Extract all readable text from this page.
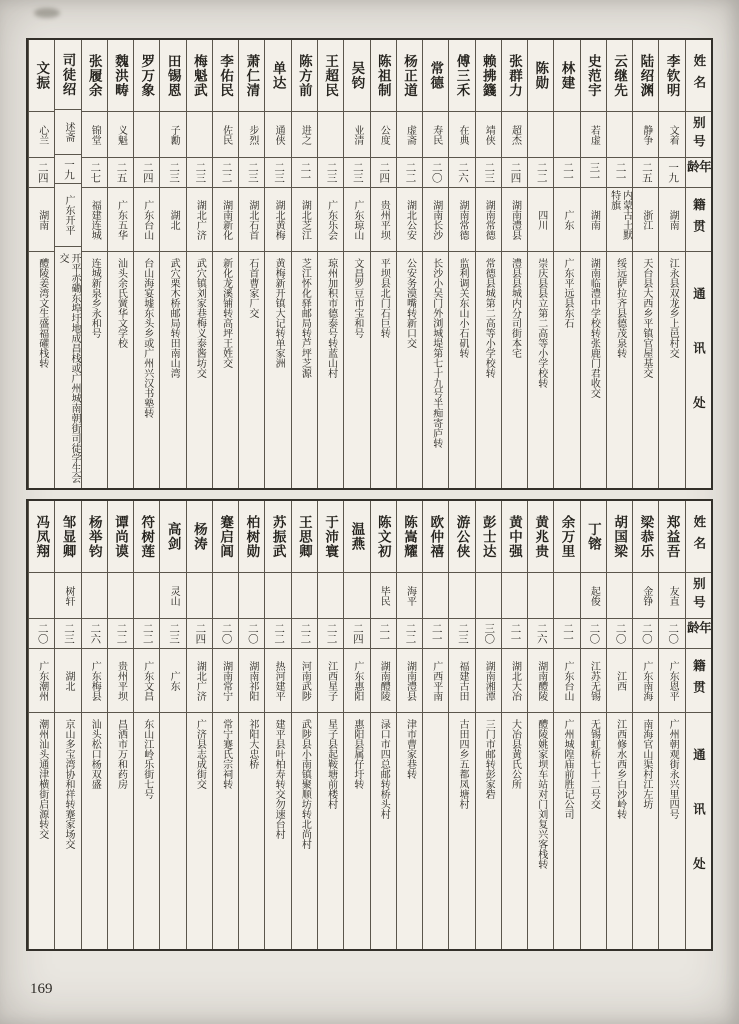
姓名
别号
年龄
籍贯
通讯处
李钦明
文着
一九
湖南
江永县双龙乡上邑村交
陆绍渊
静争
二五
浙江
天台县大西乡平镇官屋基交
云继先
二一
内蒙古土默特旗
绥远萨拉齐县德茂泉转
史范宇
若虚
三一
湖南
湖南临澧中学校转张鹿门君收交
林建
二一
广东
广东平远县东石
陈勋
二二
四川
崇庆县县立第二高等小学校转
张群力
超杰
二四
湖南澧县
澧县县城内分司街本宅
赖拂籛
靖侠
二三
湖南常德
常德县城第二高等小学校转
傅三禾
在典
二六
湖南常德
监利调关东山小石矶转
常德
寿民
二〇
湖南长沙
长沙小吴门外浏城堤第七十九号半痴寄庐转
杨正道
虚斋
二二
湖北公安
公安务漠嘴转新口交
陈祖制
公度
二四
贵州平坝
平坝县北门石巨转
吴钧
业清
二三
广东琼山
文昌罗豆市宝和号
王超民
二三
广东乐会
琼州加积市德泰号转蓝山村
陈方前
进之
二一
湖北芝江
芝江怀化驿邮局转芦坪芝源
单达
通侠
二三
湖北黄梅
黄梅新开镇大记转单家洲
萧仁清
步烈
二三
湖北石首
石首曹家厂交
李佑民
佐民
二二
湖南新化
新化龙溪铺转高坪王姓交
梅魁武
二三
湖北广济
武穴镇刘家巷梅义泰酱坊交
田锡恩
子勷
二三
湖北
武穴栗木桥邮局转田南山湾
罗万象
二四
广东台山
台山海宴墟东头乡或广州兴汉书塾转
魏洪畴
义魁
二五
广东五华
汕头余氏黉华文学校
张履余
锦堂
二七
福建连城
连城新泉乡永和号
司徒绍
述斋
一九
广东开平
开平赤磡东埠圩地成昌栈或广州城南朝街司徒学生会交
文振
心兰
二四
湖南
醴陵姜湾文生盛福礶栈转
姓名
别号
年龄
籍贯
通讯处
郑益吾
友直
二〇
广东恩平
广州朝观街永兴里四号
梁恭乐
金铮
二〇
广东南海
南海官山渠村江左坊
胡国梁
二〇
江西
江西修水西乡白沙岭转
丁镕
起俊
二〇
江苏无锡
无锡虹桥七十二号交
余万里
二一
广东台山
广州城隍庙前胜记公司
黄兆贵
二六
湖南醴陵
醴陵姚家坝车站对门刘复兴客栈转
黄中强
二一
湖北大冶
大冶县黄氏公所
彭士达
三〇
湖南湘潭
三门市邮转彭家砦
游公侠
二三
福建古田
古田四乡五都凤塘村
欧仲禧
二一
广西平南
陈嵩耀
海平
二二
湖南澧县
津市曹家巷转
陈文初
毕民
二一
湖南醴陵
渌口市四总邮转桥头村
温燕
二四
广东惠阳
惠阳县属仔圩转
于沛寰
二二
江西星子
星子县起鞍塘前楼村
王思卿
二二
河南武陟
武陟县小南镇聚顺坊转北尚村
苏振武
二二
热河建平
建平县叶柏寿转交勿速台村
柏树勋
二〇
湖南祁阳
祁阳大忠桥
蹇启阊
二〇
湖南常宁
常宁蹇氏宗祠转
杨涛
二四
湖北广济
广济县志成街交
高剑
灵山
二三
广东
符树莲
二二
广东文昌
东山江岭乐街七号
谭尚谟
二二
贵州平坝
昌洒市万和药房
杨举钧
二六
广东梅县
汕头松口杨双盛
邹显卿
树轩
二三
湖北
京山多宝湾协和祥转蹇家场交
冯凤翔
二〇
广东潮州
潮州汕头通津横街启源转交
169
